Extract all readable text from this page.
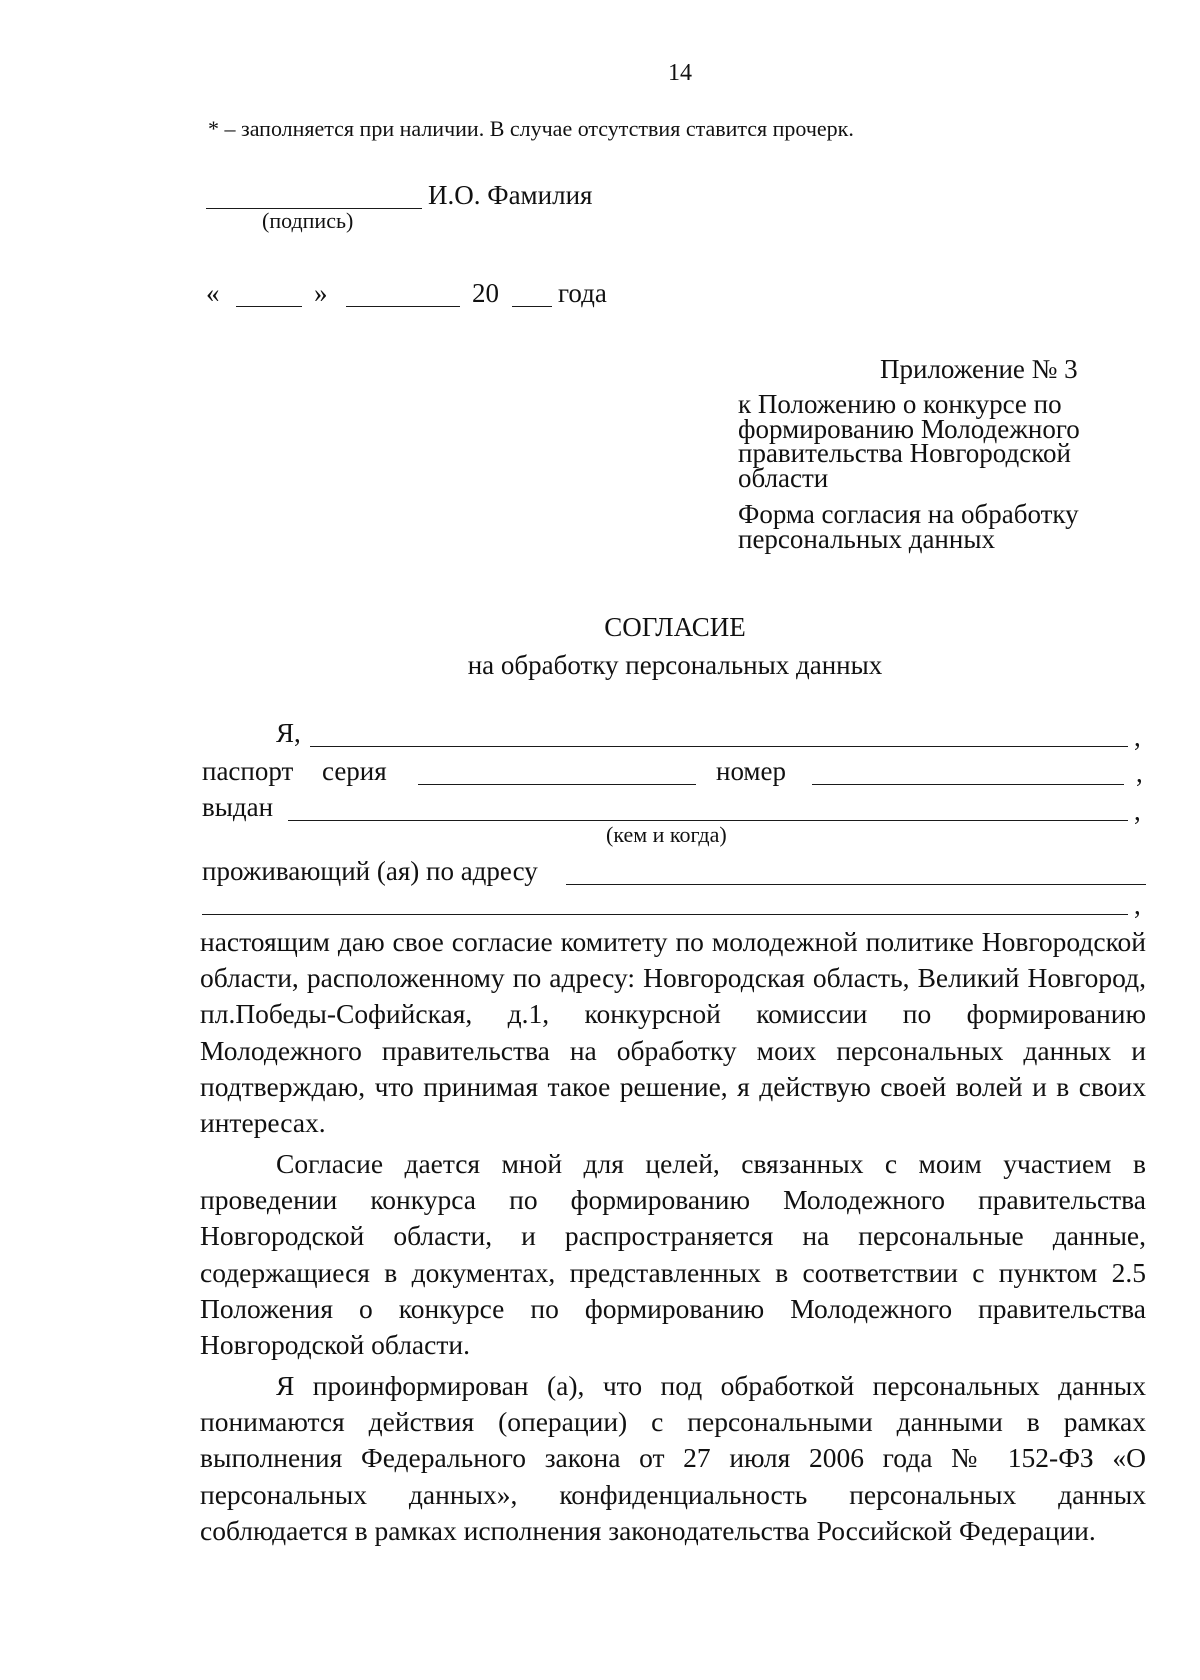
14
* – заполняется при наличии. В случае отсутствия ставится прочерк.
И.О. Фамилия
(подпись)
«	»	20 года
Приложение № 3
к Положению о конкурсе по формированию Молодежного правительства Новгородской области
Форма согласия на обработку персональных данных
СОГЛАСИЕ
на обработку персональных данных
Я,	,
паспорт серия	номер	,
выдан	,
(кем и когда)
проживающий (ая) по адресу
,
настоящим даю свое согласие комитету по молодежной политике Новгородской области, расположенному по адресу: Новгородская область, Великий Новгород, пл.Победы-Софийская, д.1, конкурсной комиссии по формированию Молодежного правительства на обработку моих персональных данных и подтверждаю, что принимая такое решение, я действую своей волей и в своих интересах.
Согласие дается мной для целей, связанных с моим участием в проведении конкурса по формированию Молодежного правительства Новгородской области, и распространяется на персональные данные, содержащиеся в документах, представленных в соответствии с пунктом 2.5 Положения о конкурсе по формированию Молодежного правительства Новгородской области.
Я проинформирован (а), что под обработкой персональных данных понимаются действия (операции) с персональными данными в рамках выполнения Федерального закона от 27 июля 2006 года № 152-ФЗ «О персональных данных», конфиденциальность персональных данных соблюдается в рамках исполнения законодательства Российской Федерации.
